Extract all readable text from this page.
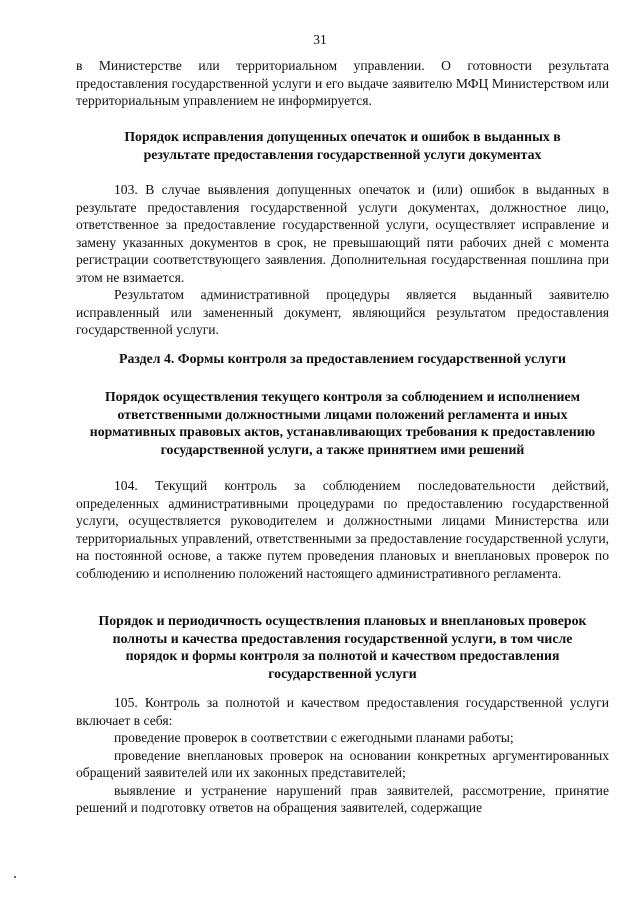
31

в Министерстве или территориальном управлении. О готовности результата предоставления государственной услуги и его выдаче заявителю МФЦ Министерством или территориальным управлением не информируется.

Порядок исправления допущенных опечаток и ошибок в выданных в результате предоставления государственной услуги документах

103. В случае выявления допущенных опечаток и (или) ошибок в выданных в результате предоставления государственной услуги документах, должностное лицо, ответственное за предоставление государственной услуги, осуществляет исправление и замену указанных документов в срок, не превышающий пяти рабочих дней с момента регистрации соответствующего заявления. Дополнительная государственная пошлина при этом не взимается.

Результатом административной процедуры является выданный заявителю исправленный или замененный документ, являющийся результатом предоставления государственной услуги.

Раздел 4. Формы контроля за предоставлением государственной услуги

Порядок осуществления текущего контроля за соблюдением и исполнением ответственными должностными лицами положений регламента и иных нормативных правовых актов, устанавливающих требования к предоставлению государственной услуги, а также принятием ими решений

104. Текущий контроль за соблюдением последовательности действий, определенных административными процедурами по предоставлению государственной услуги, осуществляется руководителем и должностными лицами Министерства или территориальных управлений, ответственными за предоставление государственной услуги, на постоянной основе, а также путем проведения плановых и внеплановых проверок по соблюдению и исполнению положений настоящего административного регламента.

Порядок и периодичность осуществления плановых и внеплановых проверок полноты и качества предоставления государственной услуги, в том числе порядок и формы контроля за полнотой и качеством предоставления государственной услуги

105. Контроль за полнотой и качеством предоставления государственной услуги включает в себя:

проведение проверок в соответствии с ежегодными планами работы;

проведение внеплановых проверок на основании конкретных аргументированных обращений заявителей или их законных представителей;

выявление и устранение нарушений прав заявителей, рассмотрение, принятие решений и подготовку ответов на обращения заявителей, содержащие
